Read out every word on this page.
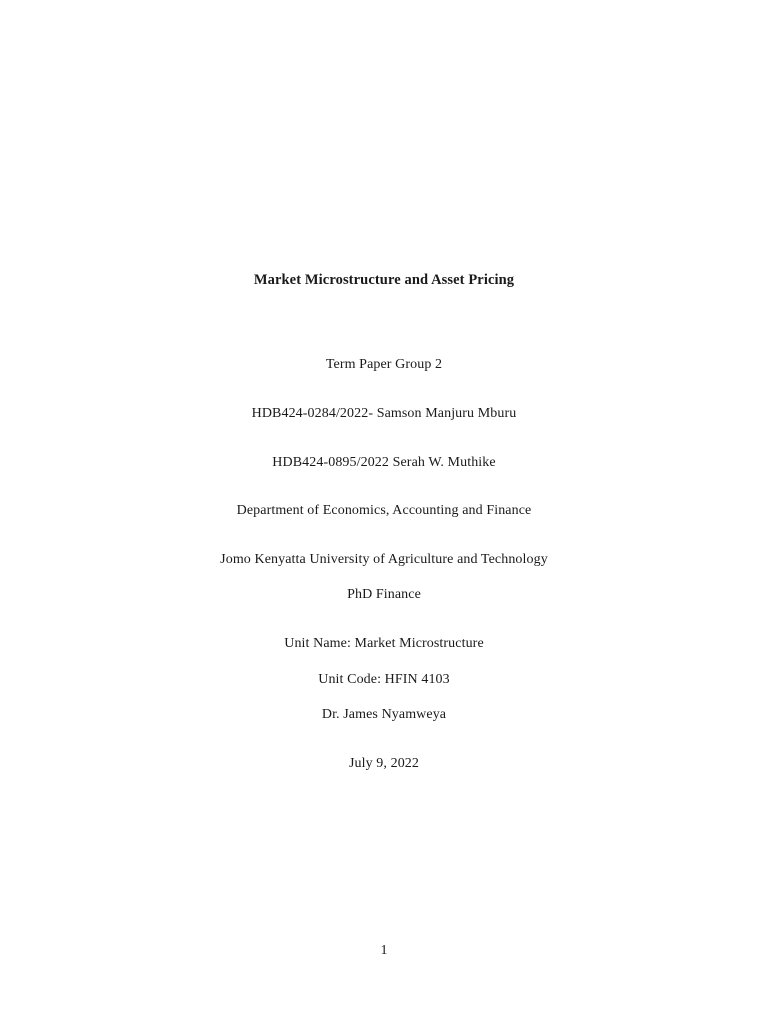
Market Microstructure and Asset Pricing
Term Paper Group 2
HDB424-0284/2022- Samson Manjuru Mburu
HDB424-0895/2022 Serah W. Muthike
Department of Economics, Accounting and Finance
Jomo Kenyatta University of Agriculture and Technology
PhD Finance
Unit Name: Market Microstructure
Unit Code: HFIN 4103
Dr. James Nyamweya
July 9, 2022
1
